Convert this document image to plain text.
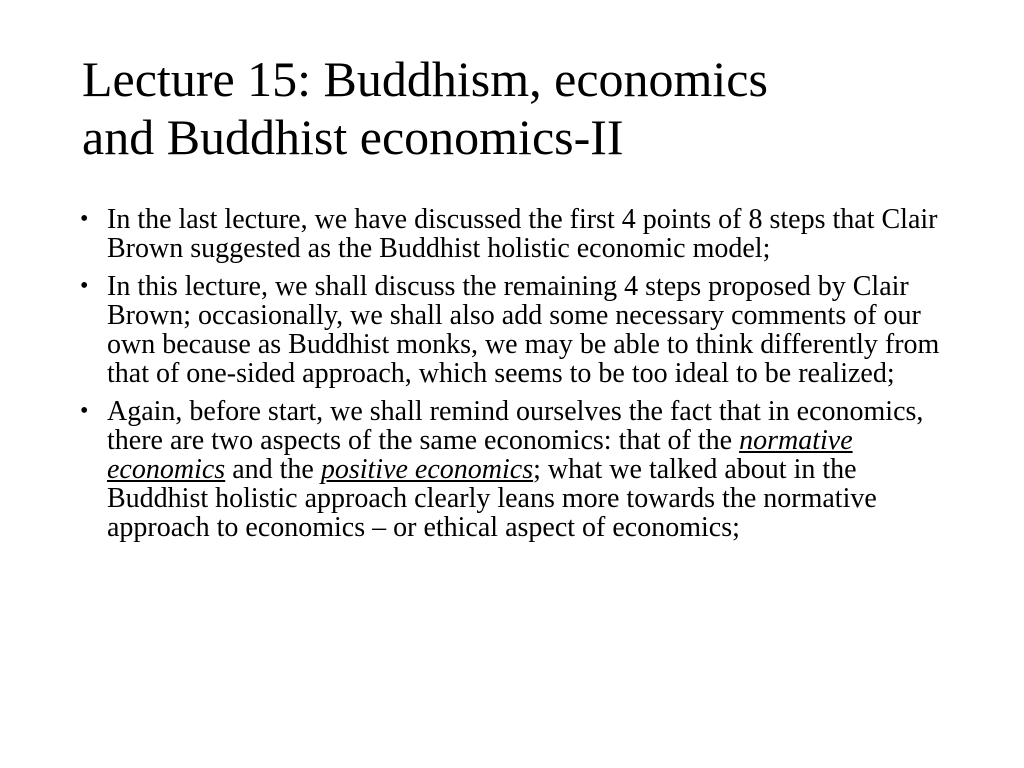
Lecture 15: Buddhism, economics
and Buddhist economics-II
• In the last lecture, we have discussed the first 4 points of 8 steps that Clair Brown suggested as the Buddhist holistic economic model;
• In this lecture, we shall discuss the remaining 4 steps proposed by Clair Brown; occasionally, we shall also add some necessary comments of our own because as Buddhist monks, we may be able to think differently from that of one-sided approach, which seems to be too ideal to be realized;
• Again, before start, we shall remind ourselves the fact that in economics, there are two aspects of the same economics: that of the normative economics and the positive economics; what we talked about in the Buddhist holistic approach clearly leans more towards the normative approach to economics – or ethical aspect of economics;
